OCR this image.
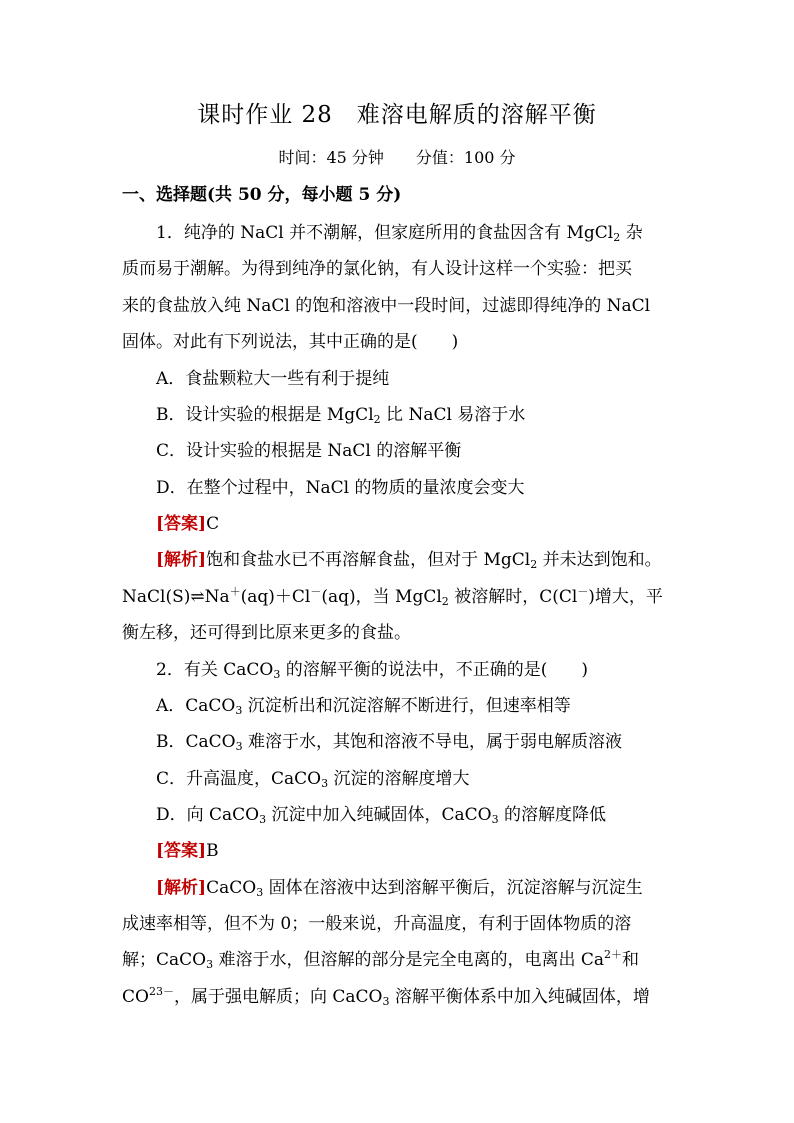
课时作业 28　难溶电解质的溶解平衡
时间：45 分钟　　分值：100 分
一、选择题(共 50 分，每小题 5 分)
1．纯净的 NaCl 并不潮解，但家庭所用的食盐因含有 MgCl$_2$ 杂
质而易于潮解。为得到纯净的氯化钠，有人设计这样一个实验：把买
来的食盐放入纯 NaCl 的饱和溶液中一段时间，过滤即得纯净的 NaCl
固体。对此有下列说法，其中正确的是(　　)
A．食盐颗粒大一些有利于提纯
B．设计实验的根据是 MgCl$_2$ 比 NaCl 易溶于水
C．设计实验的根据是 NaCl 的溶解平衡
D．在整个过程中，NaCl 的物质的量浓度会变大
[答案]C
[解析]饱和食盐水已不再溶解食盐，但对于 MgCl$_2$ 并未达到饱和。
NaCl(S)⇌Na＋(aq)＋Cl－(aq)，当 MgCl$_2$ 被溶解时，C(Cl－)增大，平
衡左移，还可得到比原来更多的食盐。
2．有关 CaCO$_3$ 的溶解平衡的说法中，不正确的是(　　)
A．CaCO$_3$ 沉淀析出和沉淀溶解不断进行，但速率相等
B．CaCO$_3$ 难溶于水，其饱和溶液不导电，属于弱电解质溶液
C．升高温度，CaCO$_3$ 沉淀的溶解度增大
D．向 CaCO$_3$ 沉淀中加入纯碱固体，CaCO$_3$ 的溶解度降低
[答案]B
[解析]CaCO$_3$ 固体在溶液中达到溶解平衡后，沉淀溶解与沉淀生
成速率相等，但不为 0；一般来说，升高温度，有利于固体物质的溶
解；CaCO$_3$ 难溶于水，但溶解的部分是完全电离的，电离出 $Ca^{2+}$和
$CO^{23-}$，属于强电解质；向 CaCO$_3$ 溶解平衡体系中加入纯碱固体，增
